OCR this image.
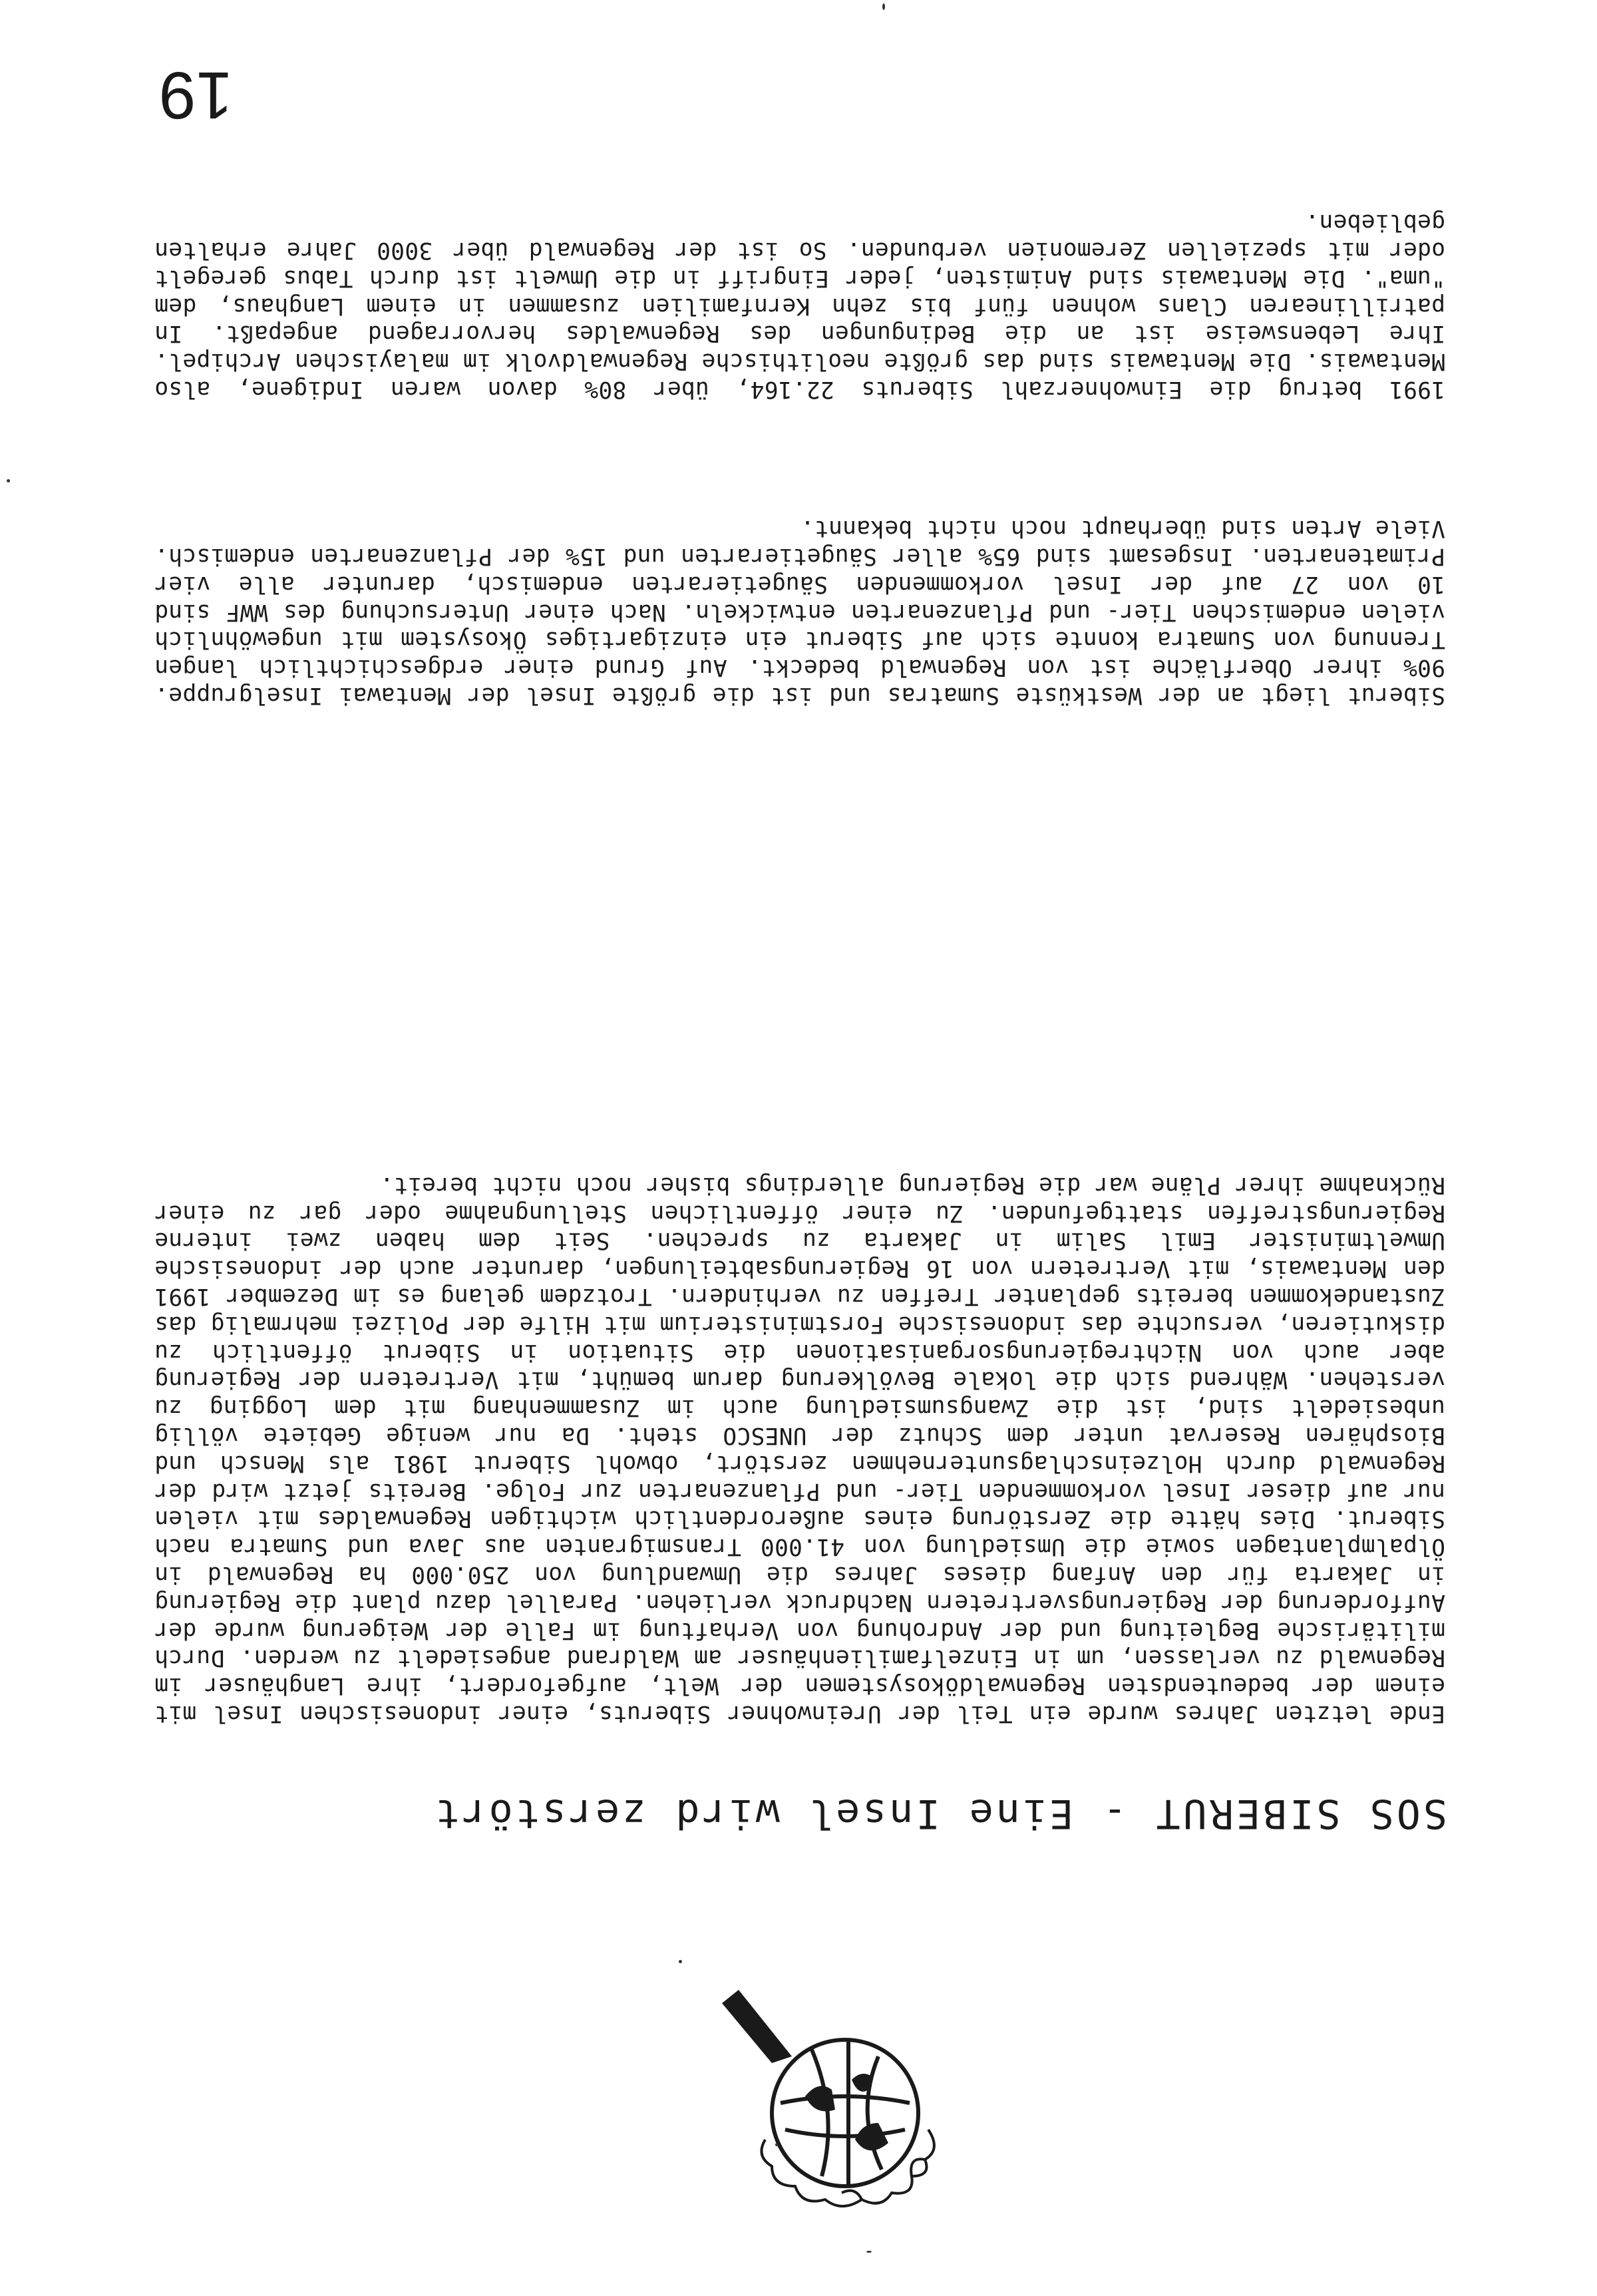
SOS SIBERUT - Eine Insel wird zerstört
Ende letzten Jahres wurde ein Teil der Ureinwohner Siberuts, einer indonesischen Insel mit einem der bedeutendsten Regenwaldökosystemen der Welt, aufgefordert, ihre Langhäuser im Regenwald zu verlassen, um in Einzelfamilienhäuser am Waldrand angesiedelt zu werden. Durch militärische Begleitung und der Androhung von Verhaftung im Falle der Weigerung wurde der Aufforderung der Regierungsvertretern Nachdruck verliehen. Parallel dazu plant die Regierung in Jakarta für den Anfang dieses Jahres die Umwandlung von 250.000 ha Regenwald in Ölpalmplantagen sowie die Umsiedlung von 41.000 Transmigranten aus Java und Sumatra nach Siberut. Dies hätte die Zerstörung eines außerordentlich wichtigen Regenwaldes mit vielen nur auf dieser Insel vorkommenden Tier- und Pflanzenarten zur Folge. Bereits jetzt wird der Regenwald durch Holzeinschlagsunternehmen zerstört, obwohl Siberut 1981 als Mensch und Biosphären Reservat unter dem Schutz der UNESCO steht. Da nur wenige Gebiete völlig unbesiedelt sind, ist die Zwangsumsiedlung auch im Zusammenhang mit dem Logging zu verstehen. Während sich die lokale Bevölkerung darum bemüht, mit Vertretern der Regierung aber auch von Nichtregierungsorganisationen die Situation in Siberut öffentlich zu diskutieren, versuchte das indonesische Forstministerium mit Hilfe der Polizei mehrmalig das Zustandekommen bereits geplanter Treffen zu verhindern. Trotzdem gelang es im Dezember 1991 den Mentawais, mit Vertretern von 16 Regierungsabteilungen, darunter auch der indonesische Umweltminister Emil Salim in Jakarta zu sprechen. Seit dem haben zwei interne Regierungstreffen stattgefunden. Zu einer öffentlichen Stellungnahme oder gar zu einer Rücknahme ihrer Pläne war die Regierung allerdings bisher noch nicht bereit.
Siberut liegt an der Westküste Sumatras und ist die größte Insel der Mentawai Inselgruppe. 90% ihrer Oberfläche ist von Regenwald bedeckt. Auf Grund einer erdgeschichtlich langen Trennung von Sumatra konnte sich auf Siberut ein einzigartiges Ökosystem mit ungewöhnlich vielen endemischen Tier- und Pflanzenarten entwickeln. Nach einer Untersuchung des WWF sind 10 von 27 auf der Insel vorkommenden Säugetierarten endemisch, darunter alle vier Primatenarten. Insgesamt sind 65% aller Säugetierarten und 15% der Pflanzenarten endemisch. Viele Arten sind überhaupt noch nicht bekannt.
1991 betrug die Einwohnerzahl Siberuts 22.164, über 80% davon waren Indigene, also Mentawais. Die Mentawais sind das größte neolithische Regenwaldvolk im malayischen Archipel. Ihre Lebensweise ist an die Bedingungen des Regenwaldes hervorragend angepaßt. In patrillinearen Clans wohnen fünf bis zehn Kernfamilien zusammen in einem Langhaus, dem "uma". Die Mentawais sind Animisten, jeder Eingriff in die Umwelt ist durch Tabus geregelt oder mit speziellen Zeremonien verbunden. So ist der Regenwald über 3000 Jahre erhalten geblieben.
19
